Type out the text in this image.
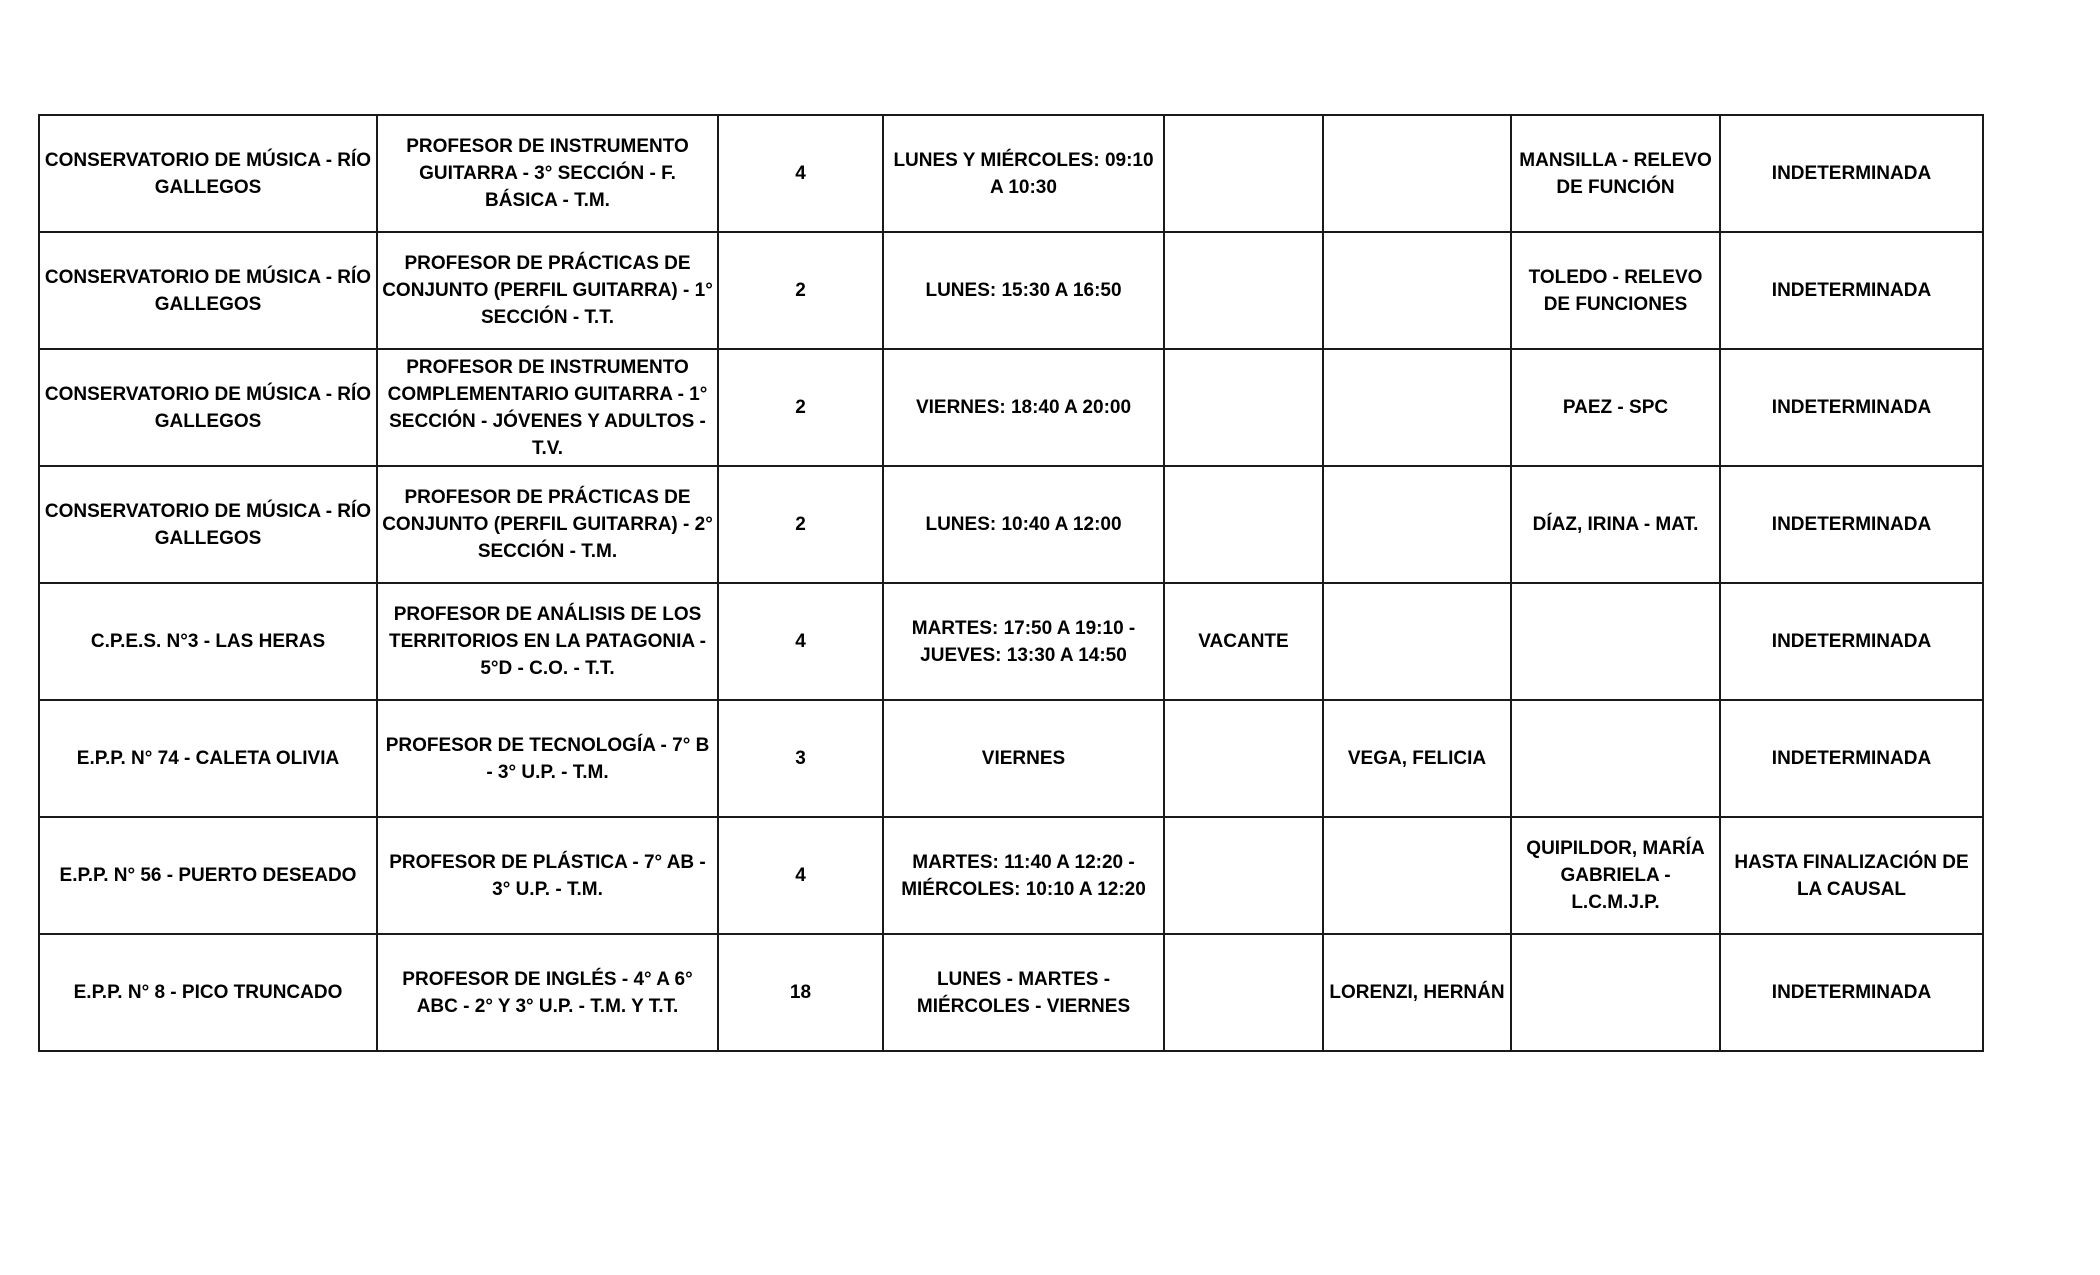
CONSERVATORIO DE MÚSICA - RÍO GALLEGOS	PROFESOR DE INSTRUMENTO GUITARRA - 3° SECCIÓN - F. BÁSICA - T.M.	4	LUNES Y MIÉRCOLES: 09:10 A 10:30			MANSILLA - RELEVO DE FUNCIÓN	INDETERMINADA
CONSERVATORIO DE MÚSICA - RÍO GALLEGOS	PROFESOR DE PRÁCTICAS DE CONJUNTO (PERFIL GUITARRA) - 1° SECCIÓN - T.T.	2	LUNES: 15:30 A 16:50			TOLEDO - RELEVO DE FUNCIONES	INDETERMINADA
CONSERVATORIO DE MÚSICA - RÍO GALLEGOS	PROFESOR DE INSTRUMENTO COMPLEMENTARIO GUITARRA - 1° SECCIÓN - JÓVENES Y ADULTOS - T.V.	2	VIERNES: 18:40 A 20:00			PAEZ - SPC	INDETERMINADA
CONSERVATORIO DE MÚSICA - RÍO GALLEGOS	PROFESOR DE PRÁCTICAS DE CONJUNTO (PERFIL GUITARRA) - 2° SECCIÓN - T.M.	2	LUNES: 10:40 A 12:00			DÍAZ, IRINA - MAT.	INDETERMINADA
C.P.E.S. N°3 - LAS HERAS	PROFESOR DE ANÁLISIS DE LOS TERRITORIOS EN LA PATAGONIA - 5°D - C.O. - T.T.	4	MARTES: 17:50 A 19:10 - JUEVES: 13:30 A 14:50	VACANTE			INDETERMINADA
E.P.P. N° 74 - CALETA OLIVIA	PROFESOR DE TECNOLOGÍA - 7° B - 3° U.P. - T.M.	3	VIERNES		VEGA, FELICIA		INDETERMINADA
E.P.P. N° 56 - PUERTO DESEADO	PROFESOR DE PLÁSTICA - 7° AB - 3° U.P. - T.M.	4	MARTES: 11:40 A 12:20 - MIÉRCOLES: 10:10 A 12:20			QUIPILDOR, MARÍA GABRIELA - L.C.M.J.P.	HASTA FINALIZACIÓN DE LA CAUSAL
E.P.P. N° 8 - PICO TRUNCADO	PROFESOR DE INGLÉS - 4° A 6° ABC - 2° Y 3° U.P. - T.M. Y T.T.	18	LUNES - MARTES - MIÉRCOLES - VIERNES		LORENZI, HERNÁN		INDETERMINADA
